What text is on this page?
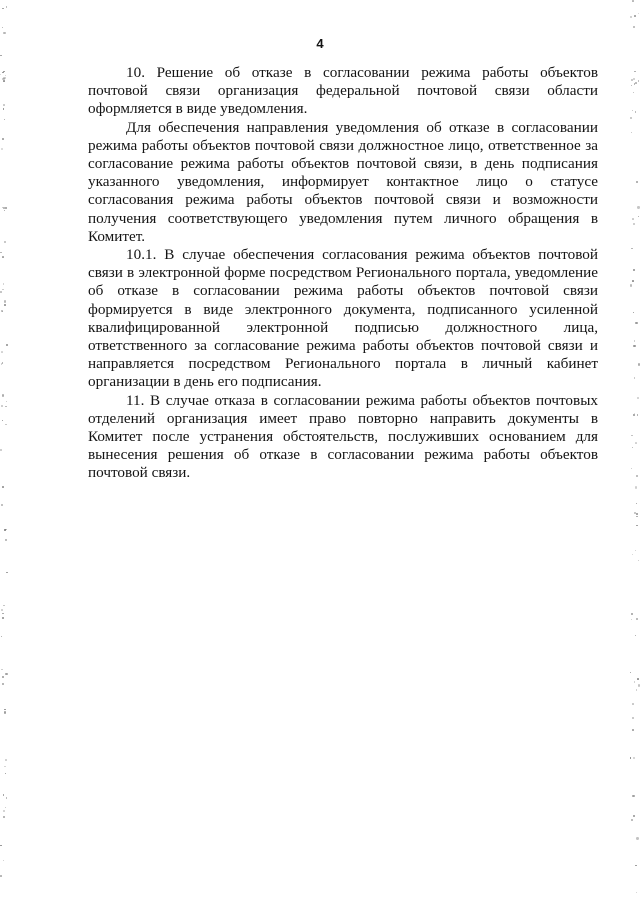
4

10. Решение об отказе в согласовании режима работы объектов почтовой связи организация федеральной почтовой связи области оформляется в виде уведомления.

Для обеспечения направления уведомления об отказе в согласовании режима работы объектов почтовой связи должностное лицо, ответственное за согласование режима работы объектов почтовой связи, в день подписания указанного уведомления, информирует контактное лицо о статусе согласования режима работы объектов почтовой связи и возможности получения соответствующего уведомления путем личного обращения в Комитет.

10.1. В случае обеспечения согласования режима объектов почтовой связи в электронной форме посредством Регионального портала, уведомление об отказе в согласовании режима работы объектов почтовой связи формируется в виде электронного документа, подписанного усиленной квалифицированной электронной подписью должностного лица, ответственного за согласование режима работы объектов почтовой связи и направляется посредством Регионального портала в личный кабинет организации в день его подписания.

11. В случае отказа в согласовании режима работы объектов почтовых отделений организация имеет право повторно направить документы в Комитет после устранения обстоятельств, послуживших основанием для вынесения решения об отказе в согласовании режима работы объектов почтовой связи.
